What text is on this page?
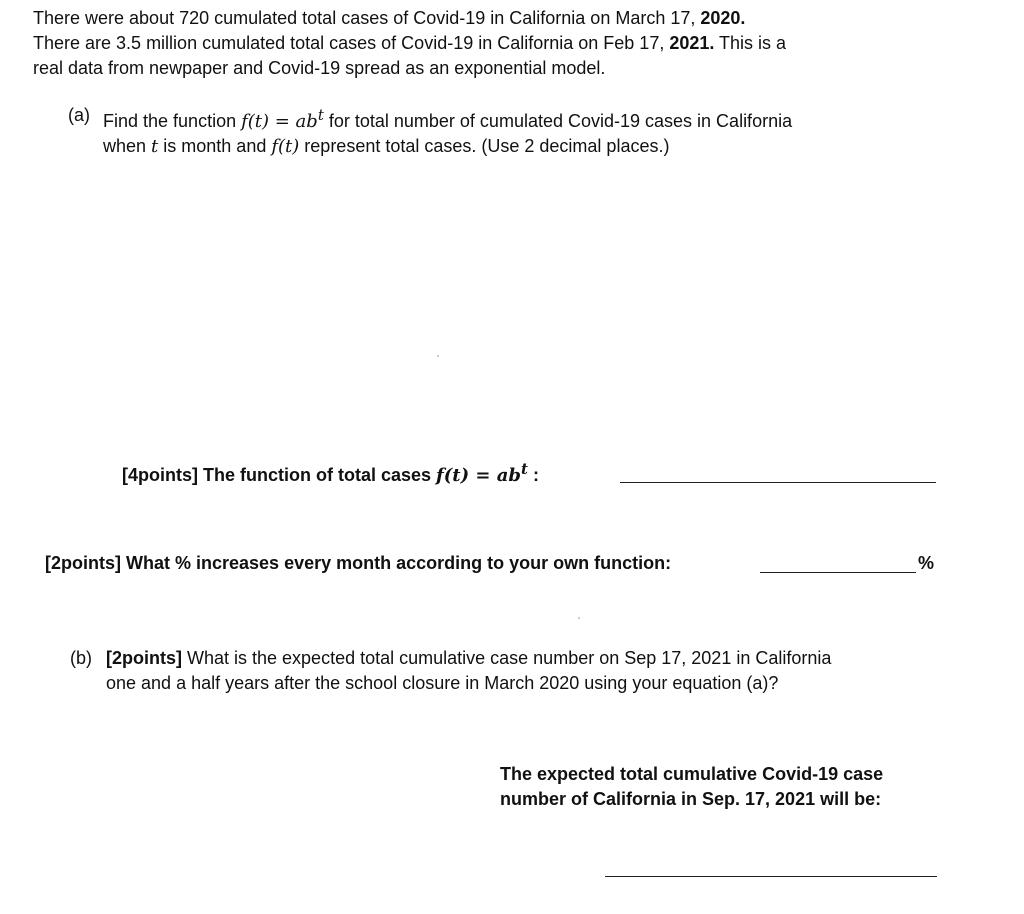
There were about 720 cumulated total cases of Covid-19 in California on March 17, 2020.
There are 3.5 million cumulated total cases of Covid-19 in California on Feb 17, 2021. This is a
real data from newpaper and Covid-19 spread as an exponential model.
(a) Find the function $f(t) = ab^t$ for total number of cumulated Covid-19 cases in California
when t is month and f(t) represent total cases. (Use 2 decimal places.)
[4points] The function of total cases $f(t) = ab^t$ :
[2points] What % increases every month according to your own function:	%
(b) [2points] What is the expected total cumulative case number on Sep 17, 2021 in California
one and a half years after the school closure in March 2020 using your equation (a)?
The expected total cumulative Covid-19 case
number of California in Sep. 17, 2021 will be:
